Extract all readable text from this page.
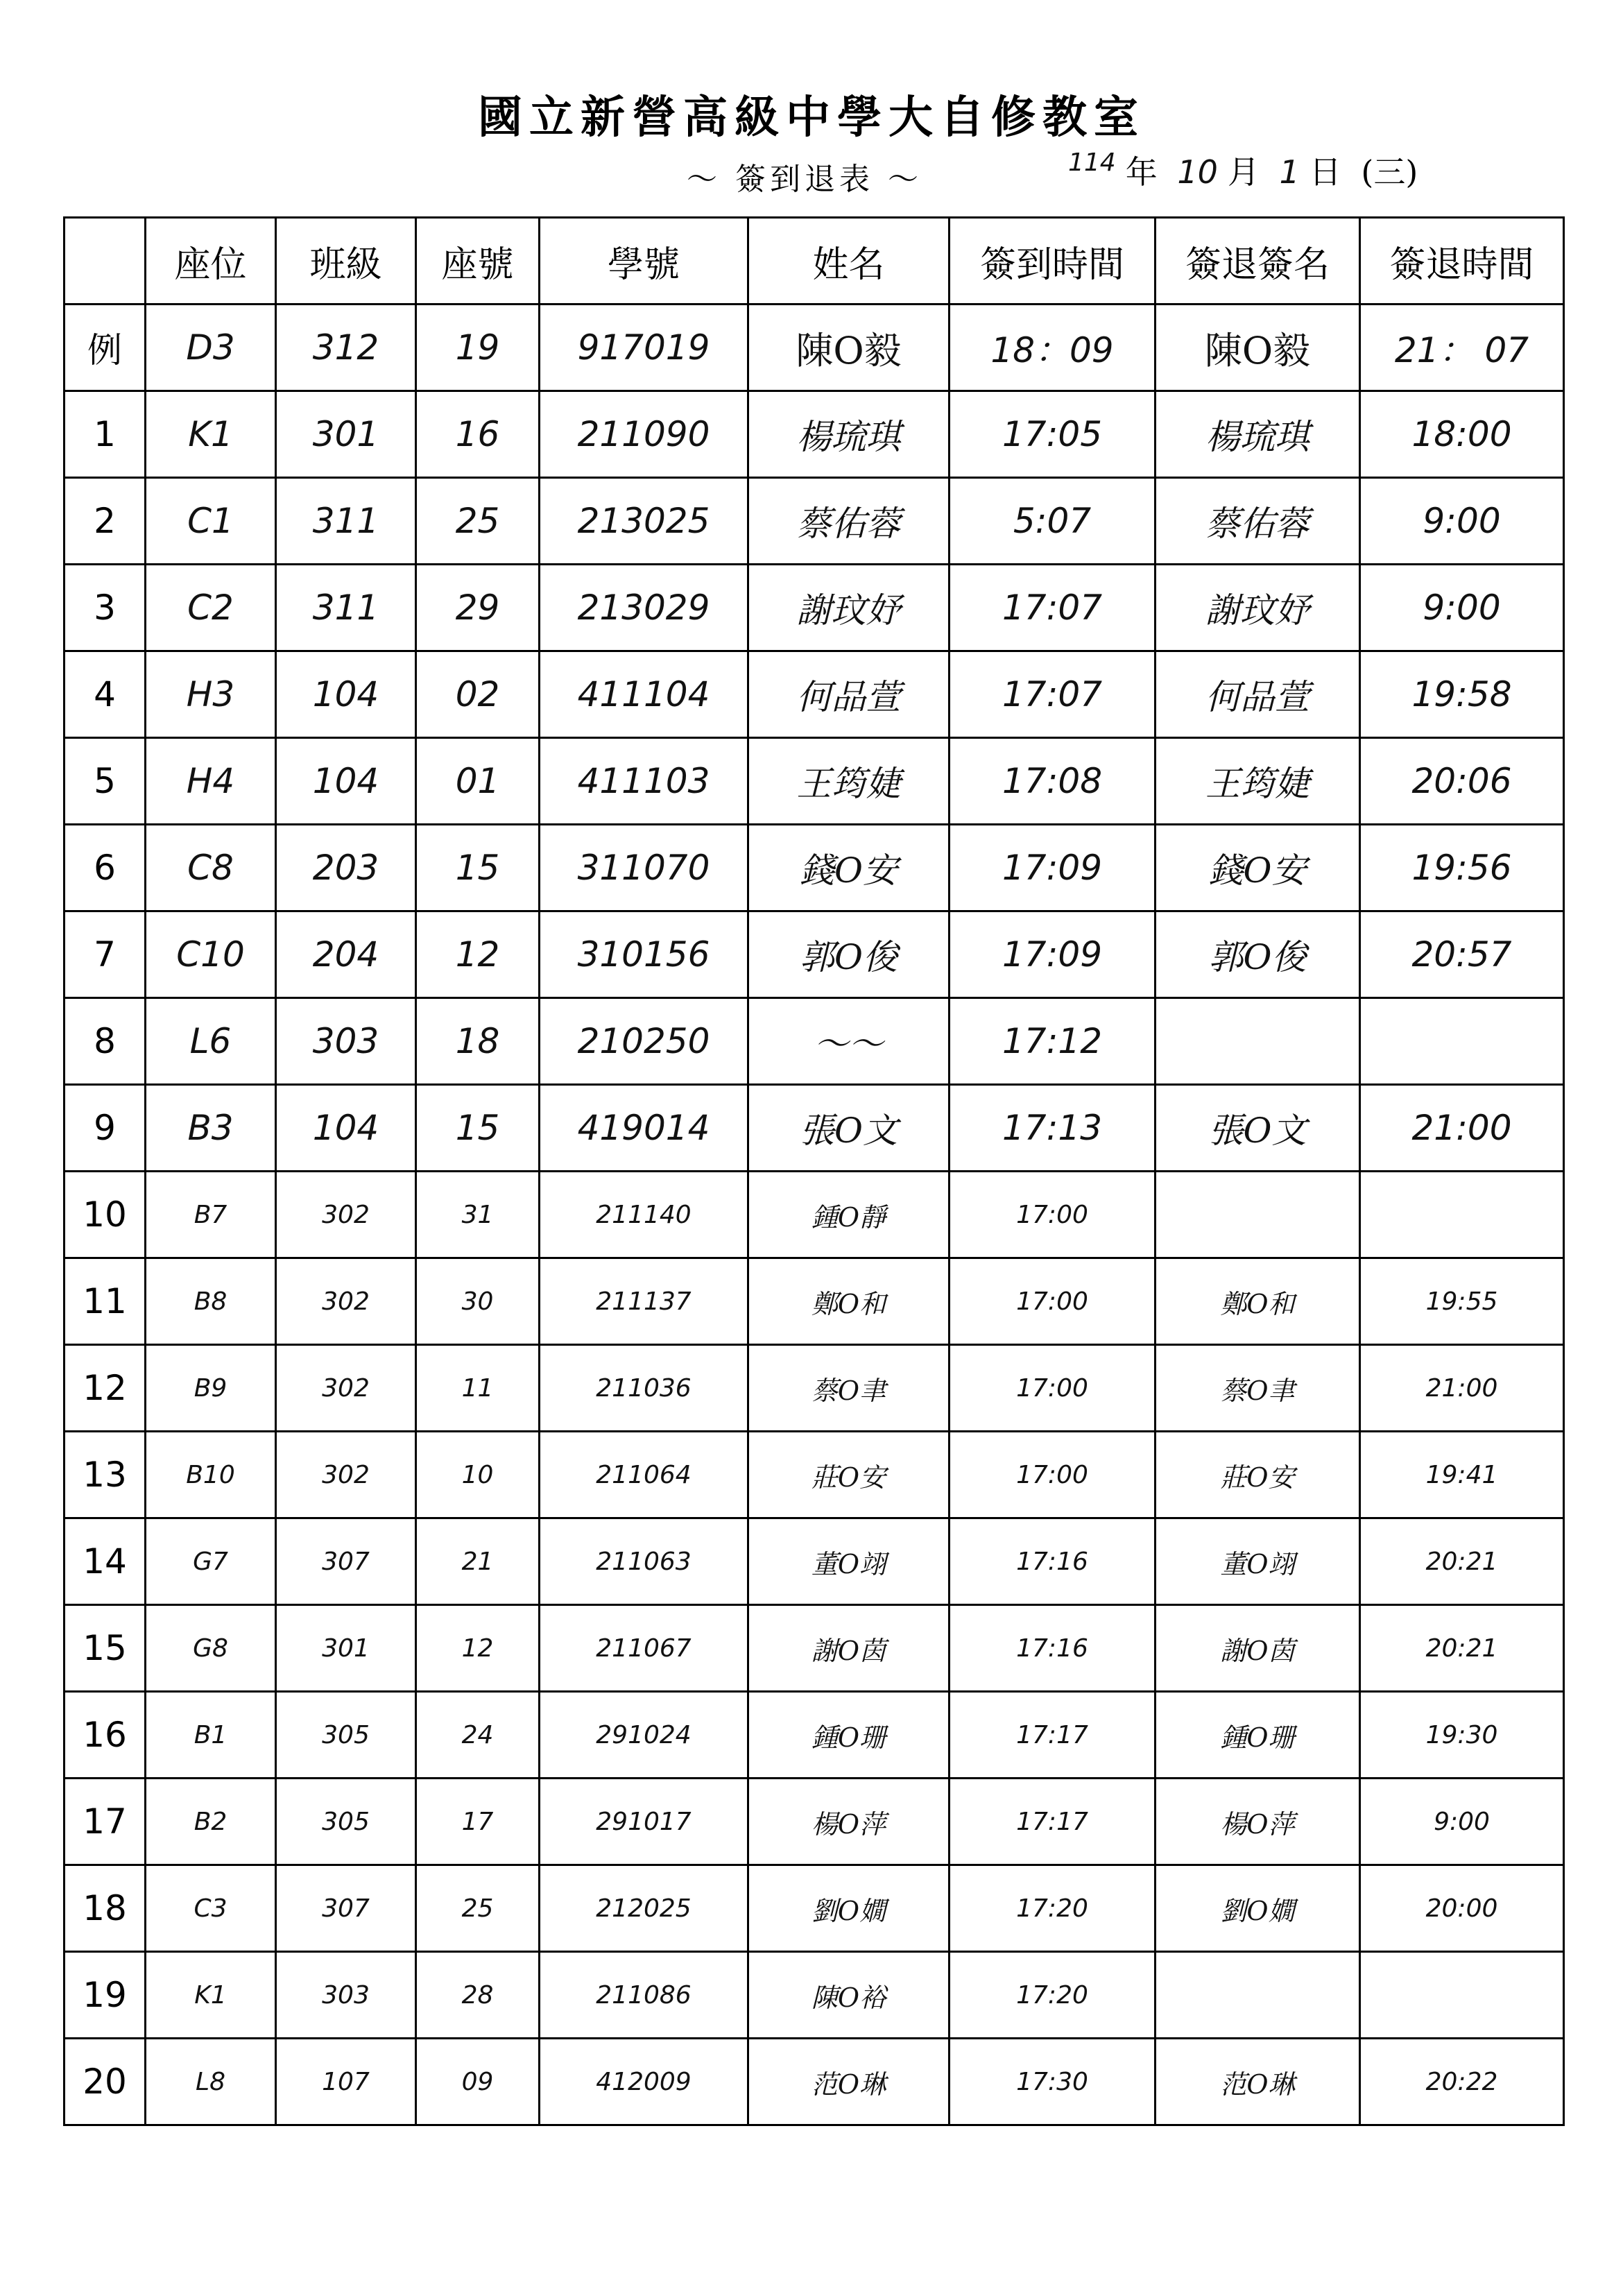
國立新營高級中學大自修教室
～ 簽到退表 ～	$^{114}$ 年 10 月 1 日 (三)
	座位	班級	座號	學號	姓名	簽到時間	簽退簽名	簽退時間
例	D3	312	19	917019	陳O毅	18：09	陳O毅	21： 07
1	K1	301	16	211090	楊琉琪	17:05	楊琉琪	18:00
2	C1	311	25	213025	蔡佑蓉	5:07	蔡佑蓉	9:00
3	C2	311	29	213029	謝玟妤	17:07	謝玟妤	9:00
4	H3	104	02	411104	何品萱	17:07	何品萱	19:58
5	H4	104	01	411103	王筠婕	17:08	王筠婕	20:06
6	C8	203	15	311070	錢O安	17:09	錢O安	19:56
7	C10	204	12	310156	郭O俊	17:09	郭O俊	20:57
8	L6	303	18	210250	～～	17:12		
9	B3	104	15	419014	張O文	17:13	張O文	21:00
10	B7	302	31	211140	鍾O靜	17:00		
11	B8	302	30	211137	鄭O和	17:00	鄭O和	19:55
12	B9	302	11	211036	蔡O聿	17:00	蔡O聿	21:00
13	B10	302	10	211064	莊O安	17:00	莊O安	19:41
14	G7	307	21	211063	董O翊	17:16	董O翊	20:21
15	G8	301	12	211067	謝O茵	17:16	謝O茵	20:21
16	B1	305	24	291024	鍾O珊	17:17	鍾O珊	19:30
17	B2	305	17	291017	楊O萍	17:17	楊O萍	9:00
18	C3	307	25	212025	劉O嫺	17:20	劉O嫺	20:00
19	K1	303	28	211086	陳O裕	17:20		
20	L8	107	09	412009	范O琳	17:30	范O琳	20:22
